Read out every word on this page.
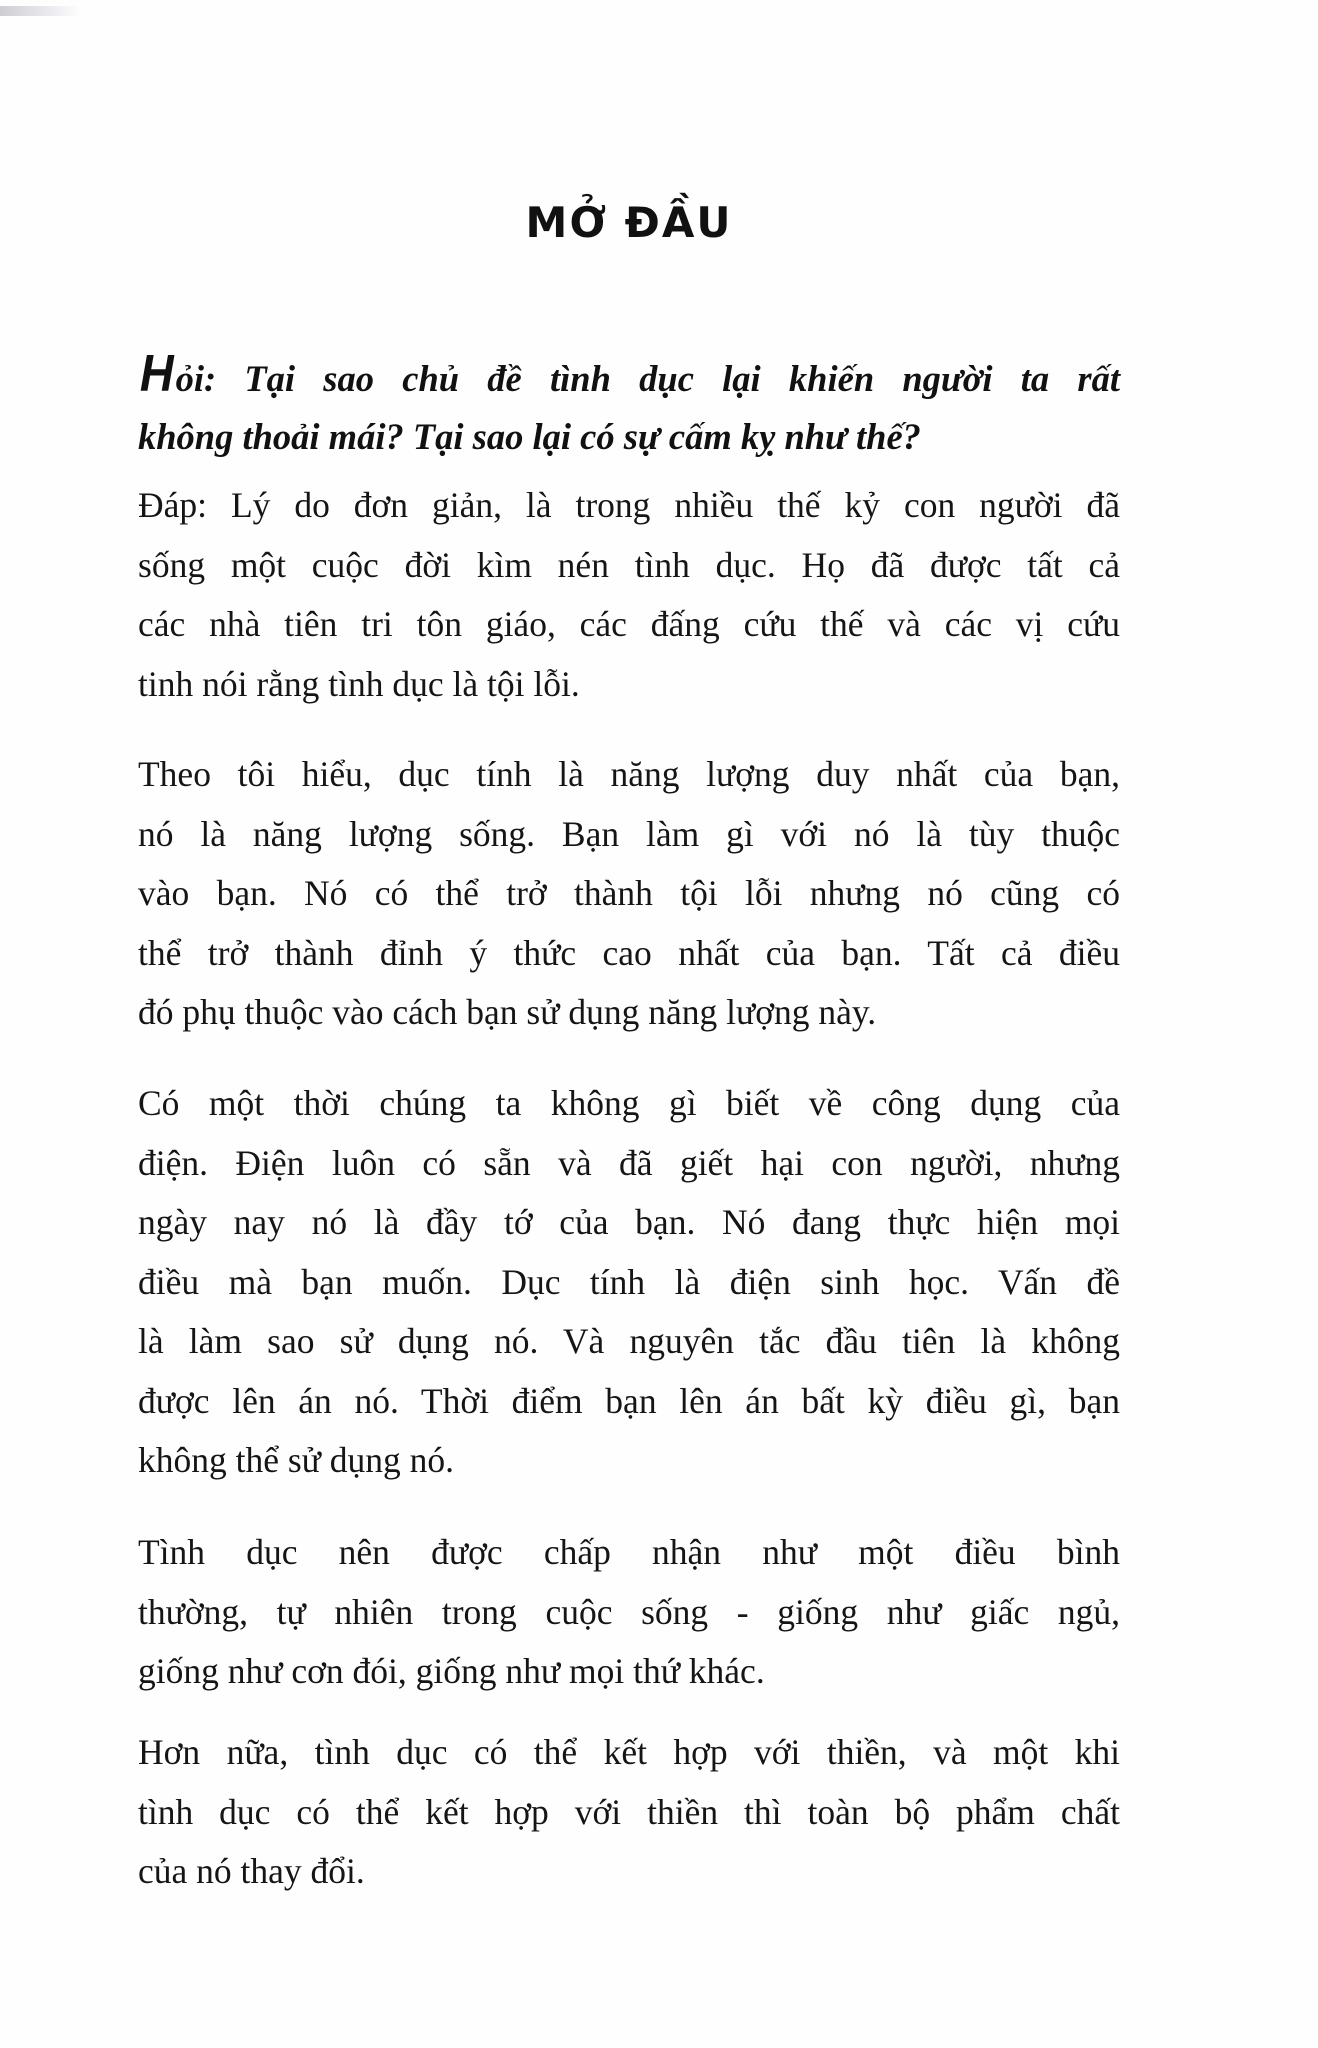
MỞ ĐẦU
Hỏi: Tại sao chủ đề tình dục lại khiến người ta rất
không thoải mái? Tại sao lại có sự cấm kỵ như thế?
Đáp: Lý do đơn giản, là trong nhiều thế kỷ con người đã
sống một cuộc đời kìm nén tình dục. Họ đã được tất cả
các nhà tiên tri tôn giáo, các đấng cứu thế và các vị cứu
tinh nói rằng tình dục là tội lỗi.
Theo tôi hiểu, dục tính là năng lượng duy nhất của bạn,
nó là năng lượng sống. Bạn làm gì với nó là tùy thuộc
vào bạn. Nó có thể trở thành tội lỗi nhưng nó cũng có
thể trở thành đỉnh ý thức cao nhất của bạn. Tất cả điều
đó phụ thuộc vào cách bạn sử dụng năng lượng này.
Có một thời chúng ta không gì biết về công dụng của
điện. Điện luôn có sẵn và đã giết hại con người, nhưng
ngày nay nó là đầy tớ của bạn. Nó đang thực hiện mọi
điều mà bạn muốn. Dục tính là điện sinh học. Vấn đề
là làm sao sử dụng nó. Và nguyên tắc đầu tiên là không
được lên án nó. Thời điểm bạn lên án bất kỳ điều gì, bạn
không thể sử dụng nó.
Tình dục nên được chấp nhận như một điều bình
thường, tự nhiên trong cuộc sống - giống như giấc ngủ,
giống như cơn đói, giống như mọi thứ khác.
Hơn nữa, tình dục có thể kết hợp với thiền, và một khi
tình dục có thể kết hợp với thiền thì toàn bộ phẩm chất
của nó thay đổi.
